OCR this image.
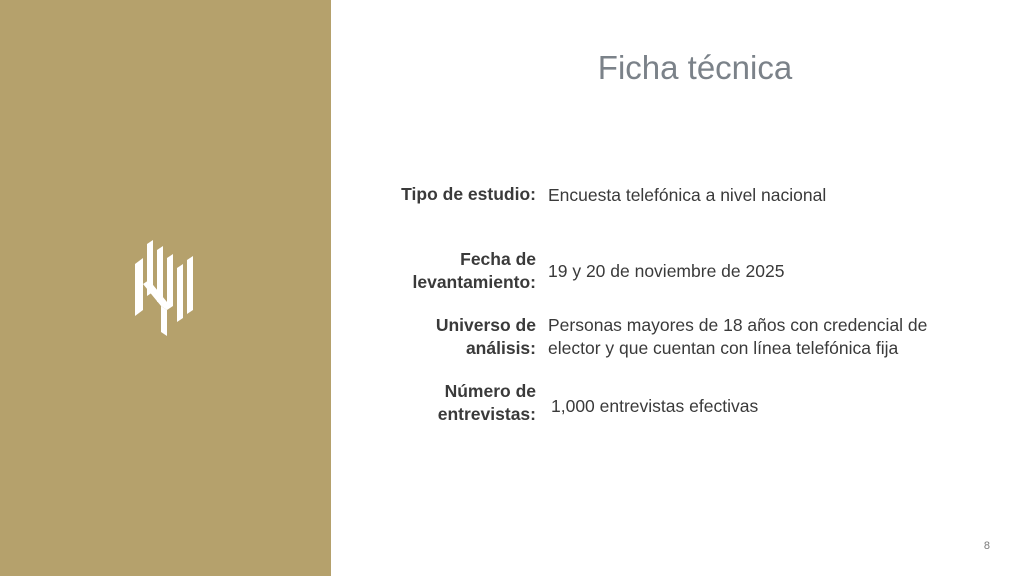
Ficha técnica
Tipo de estudio: Encuesta telefónica a nivel nacional
Fecha de
levantamiento:
19 y 20 de noviembre de 2025
Universo de
análisis:
Personas mayores de 18 años con credencial de
elector y que cuentan con línea telefónica fija
Número de
entrevistas: 1,000 entrevistas efectivas
8
